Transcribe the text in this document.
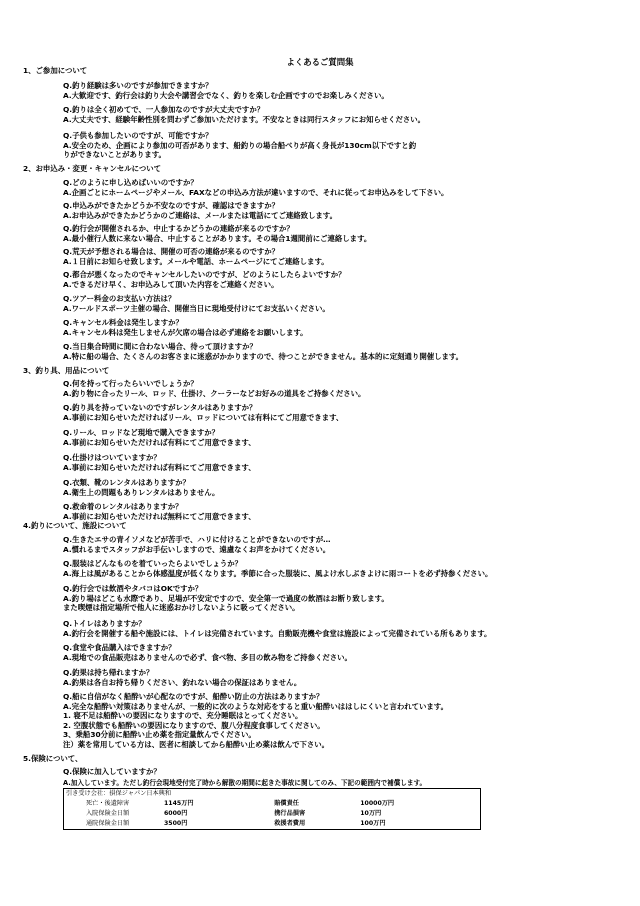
よくあるご質問集
1、ご参加について
Q.釣り経験は多いのですが参加できますか？
A.大歓迎です、釣行会は釣り大会や講習会でなく、釣りを楽しむ企画ですのでお楽しみください。
Q.釣りは全く初めてで、一人参加なのですが大丈夫ですか？
A.大丈夫です、経験年齢性別を問わずご参加いただけます。不安なときは同行スタッフにお知らせください。
Q.子供も参加したいのですが、可能ですか？
A.安全のため、企画により参加の可否があります、船釣りの場合船べりが高く身長が130cm以下ですと釣
りができないことがあります。
2、お申込み・変更・キャンセルについて
Q.どのように申し込めばいいのですか？
A.企画ごとにホームページやメール、FAXなどの申込み方法が違いますので、それに従ってお申込みをして下さい。
Q.申込みができたかどうか不安なのですが、確認はできますか？
A.お申込みができたかどうかのご連絡は、メールまたは電話にてご連絡致します。
Q.釣行会が開催されるか、中止するかどうかの連絡が来るのですか？
A.最小催行人数に来ない場合、中止することがあります。その場合1週間前にご連絡します。
Q.荒天が予想される場合は、開催の可否の連絡が来るのですか？
A.１日前にお知らせ致します。メールや電話、ホームページにてご連絡します。
Q.都合が悪くなったのでキャンセルしたいのですが、どのようにしたらよいですか？
A.できるだけ早く、お申込みして頂いた内容をご連絡ください。
Q.ツアー料金のお支払い方法は？
A.ワールドスポーツ主催の場合、開催当日に現地受付けにてお支払いください。
Q.キャンセル料金は発生しますか？
A.キャンセル料は発生しませんが欠席の場合は必ず連絡をお願いします。
Q.当日集合時間に間に合わない場合、待って頂けますか？
A.特に船の場合、たくさんのお客さまに迷惑がかかりますので、待つことができません。基本的に定刻通り開催します。
3、釣り具、用品について
Q.何を持って行ったらいいでしょうか？
A.釣り物に合ったリール、ロッド、仕掛け、クーラーなどお好みの道具をご持参ください。
Q.釣り具を持っていないのですがレンタルはありますか？
A.事前にお知らせいただければリール、ロッドについては有料にてご用意できます、
Q.リール、ロッドなど現地で購入できますか？
A.事前にお知らせいただければ有料にてご用意できます、
Q.仕掛けはついていますか？
A.事前にお知らせいただければ有料にてご用意できます、
Q.衣類、靴のレンタルはありますか？
A.衛生上の問題もありレンタルはありません。
Q.救命着のレンタルはありますか？
A.事前にお知らせいただければ無料にてご用意できます、
4.釣りについて、施設について
Q.生きたエサの青イソメなどが苦手で、ハリに付けることができないのですが…
A.慣れるまでスタッフがお手伝いしますので、遠慮なくお声をかけてください。
Q.服装はどんなものを着ていったらよいでしょうか？
A.海上は風があることから体感温度が低くなります。季節に合った服装に、風よけ水しぶきよけに雨コートを必ず持参ください。
Q.釣行会では飲酒やタバコはOKですか？
A.釣り場はどこも水際であり、足場が不安定ですので、安全第一で過度の飲酒はお断り致します。
また喫煙は指定場所で他人に迷惑おかけしないように吸ってください。
Q.トイレはありますか？
A.釣行会を開催する船や施設には、トイレは完備されています。自動販売機や食堂は施設によって完備されている所もあります。
Q.食堂や食品購入はできますか？
A.現地での食品販売はありませんので必ず、食べ物、多目の飲み物をご持参ください。
Q.釣果は持ち帰れますか？
A.釣果は各自お持ち帰りください、釣れない場合の保証はありません。
Q.船に自信がなく船酔いが心配なのですが、船酔い防止の方法はありますか？
A.完全な船酔い対策はありませんが、一般的に次のような対応をすると重い船酔いははしにくいと言われています。
1. 寝不足は船酔いの要因になりますので、充分睡眠はとってください。
2. 空腹状態でも船酔いの要因になりますので、腹八分程度食事してください。
3、乗船30分前に船酔い止め薬を指定量飲んでください。
注）薬を常用している方は、医者に相談してから船酔い止め薬は飲んで下さい。
5.保険について、
Q.保険に加入していますか？
A.加入しています。ただし釣行会現地受付完了時から解散の期間に起きた事故に関してのみ、下記の範囲内で補償します。
引き受け会社：損保ジャパン日本興和			
死亡・後遺障害	1145万円	賠償責任	10000万円
入院保険金日額	6000円	携行品損害	10万円
通院保険金日額	3500円	救援者費用	100万円
